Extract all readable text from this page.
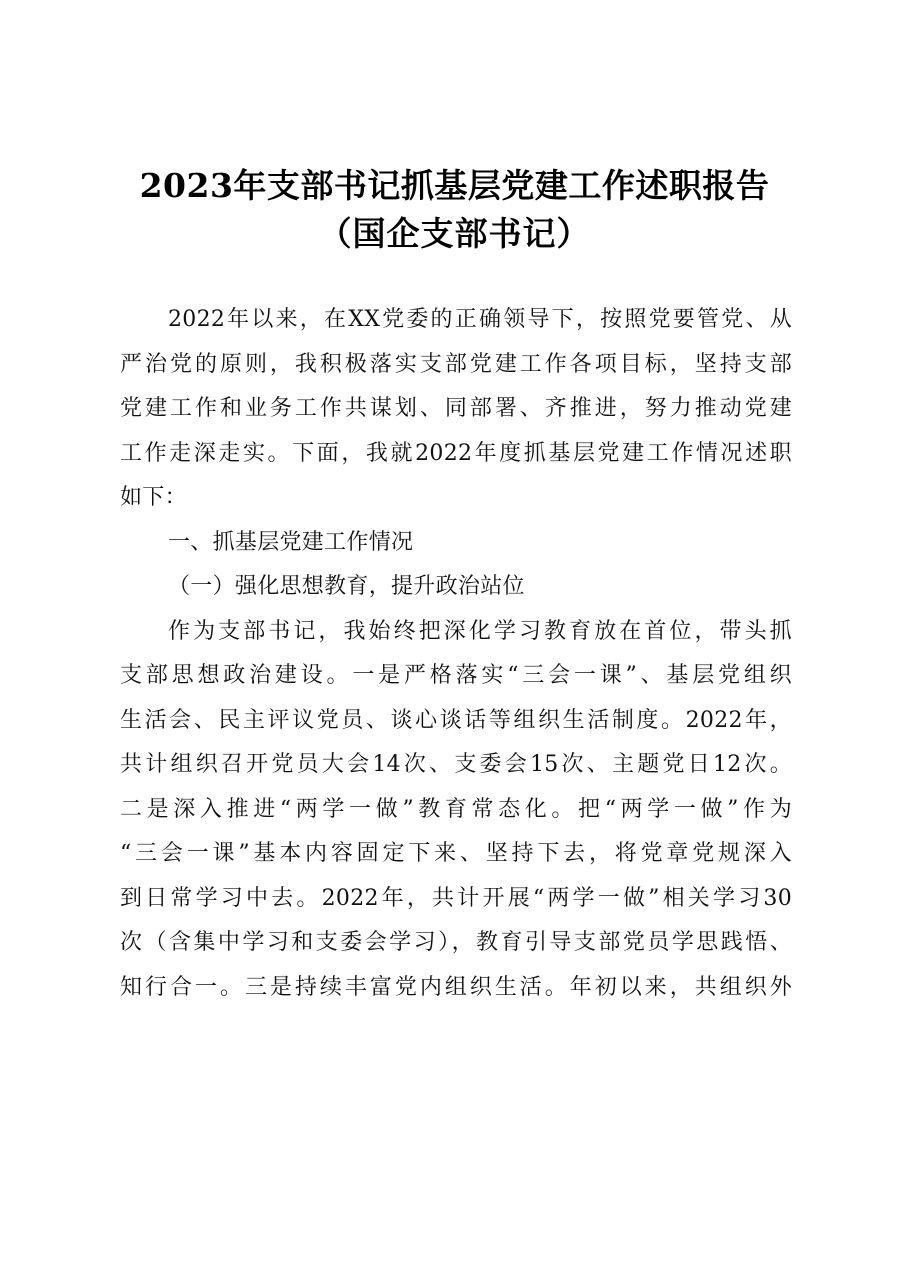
2023年支部书记抓基层党建工作述职报告
（国企支部书记）
2022年以来，在XX党委的正确领导下，按照党要管党、从
严治党的原则，我积极落实支部党建工作各项目标，坚持支部
党建工作和业务工作共谋划、同部署、齐推进，努力推动党建
工作走深走实。下面，我就2022年度抓基层党建工作情况述职
如下：
一、抓基层党建工作情况
（一）强化思想教育，提升政治站位
作为支部书记，我始终把深化学习教育放在首位，带头抓
支部思想政治建设。一是严格落实“三会一课”、基层党组织
生活会、民主评议党员、谈心谈话等组织生活制度。2022年，
共计组织召开党员大会14次、支委会15次、主题党日12次。
二是深入推进“两学一做”教育常态化。把“两学一做”作为
“三会一课”基本内容固定下来、坚持下去，将党章党规深入
到日常学习中去。2022年，共计开展“两学一做”相关学习30
次（含集中学习和支委会学习），教育引导支部党员学思践悟、
知行合一。三是持续丰富党内组织生活。年初以来，共组织外
